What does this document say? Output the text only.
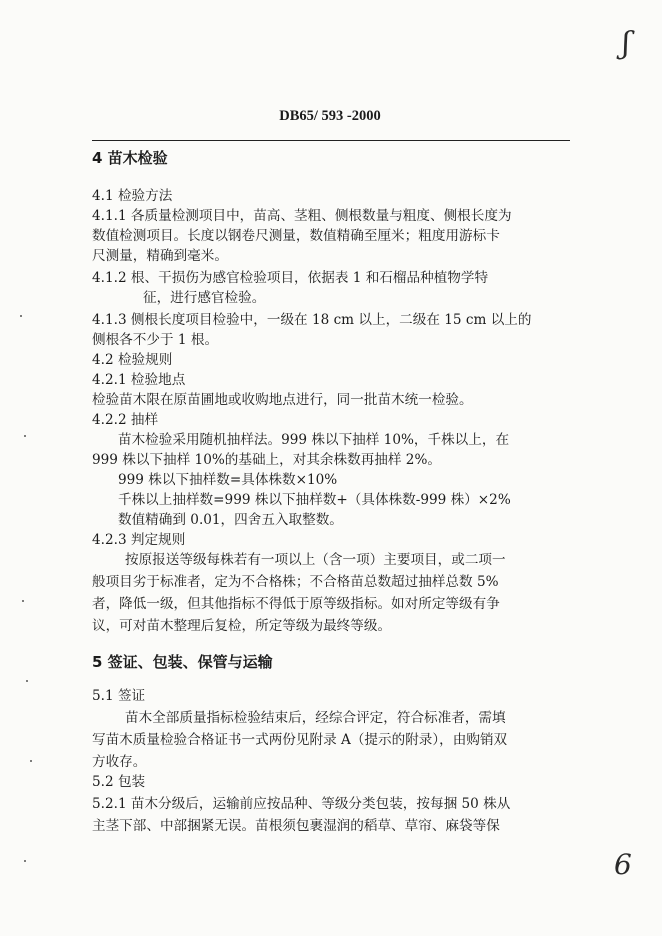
ʃ
DB65/ 593 -2000
4 苗木检验
4.1 检验方法
4.1.1 各质量检测项目中，苗高、茎粗、侧根数量与粗度、侧根长度为
数值检测项目。长度以钢卷尺测量，数值精确至厘米；粗度用游标卡
尺测量，精确到毫米。
4.1.2 根、干损伤为感官检验项目，依据表 1 和石榴品种植物学特
征，进行感官检验。
4.1.3 侧根长度项目检验中，一级在 18 cm 以上，二级在 15 cm 以上的
侧根各不少于 1 根。
4.2 检验规则
4.2.1 检验地点
检验苗木限在原苗圃地或收购地点进行，同一批苗木统一检验。
4.2.2 抽样
苗木检验采用随机抽样法。999 株以下抽样 10%，千株以上，在
999 株以下抽样 10%的基础上，对其余株数再抽样 2%。
999 株以下抽样数=具体株数×10%
千株以上抽样数=999 株以下抽样数+（具体株数-999 株）×2%
数值精确到 0.01，四舍五入取整数。
4.2.3 判定规则
按原报送等级每株若有一项以上（含一项）主要项目，或二项一
般项目劣于标准者，定为不合格株；不合格苗总数超过抽样总数 5%
者，降低一级，但其他指标不得低于原等级指标。如对所定等级有争
议，可对苗木整理后复检，所定等级为最终等级。
5 签证、包装、保管与运输
5.1 签证
苗木全部质量指标检验结束后，经综合评定，符合标准者，需填
写苗木质量检验合格证书一式两份见附录 A（提示的附录），由购销双
方收存。
5.2 包装
5.2.1 苗木分级后，运输前应按品种、等级分类包装，按每捆 50 株从
主茎下部、中部捆紧无误。苗根须包裹湿润的稻草、草帘、麻袋等保
6
